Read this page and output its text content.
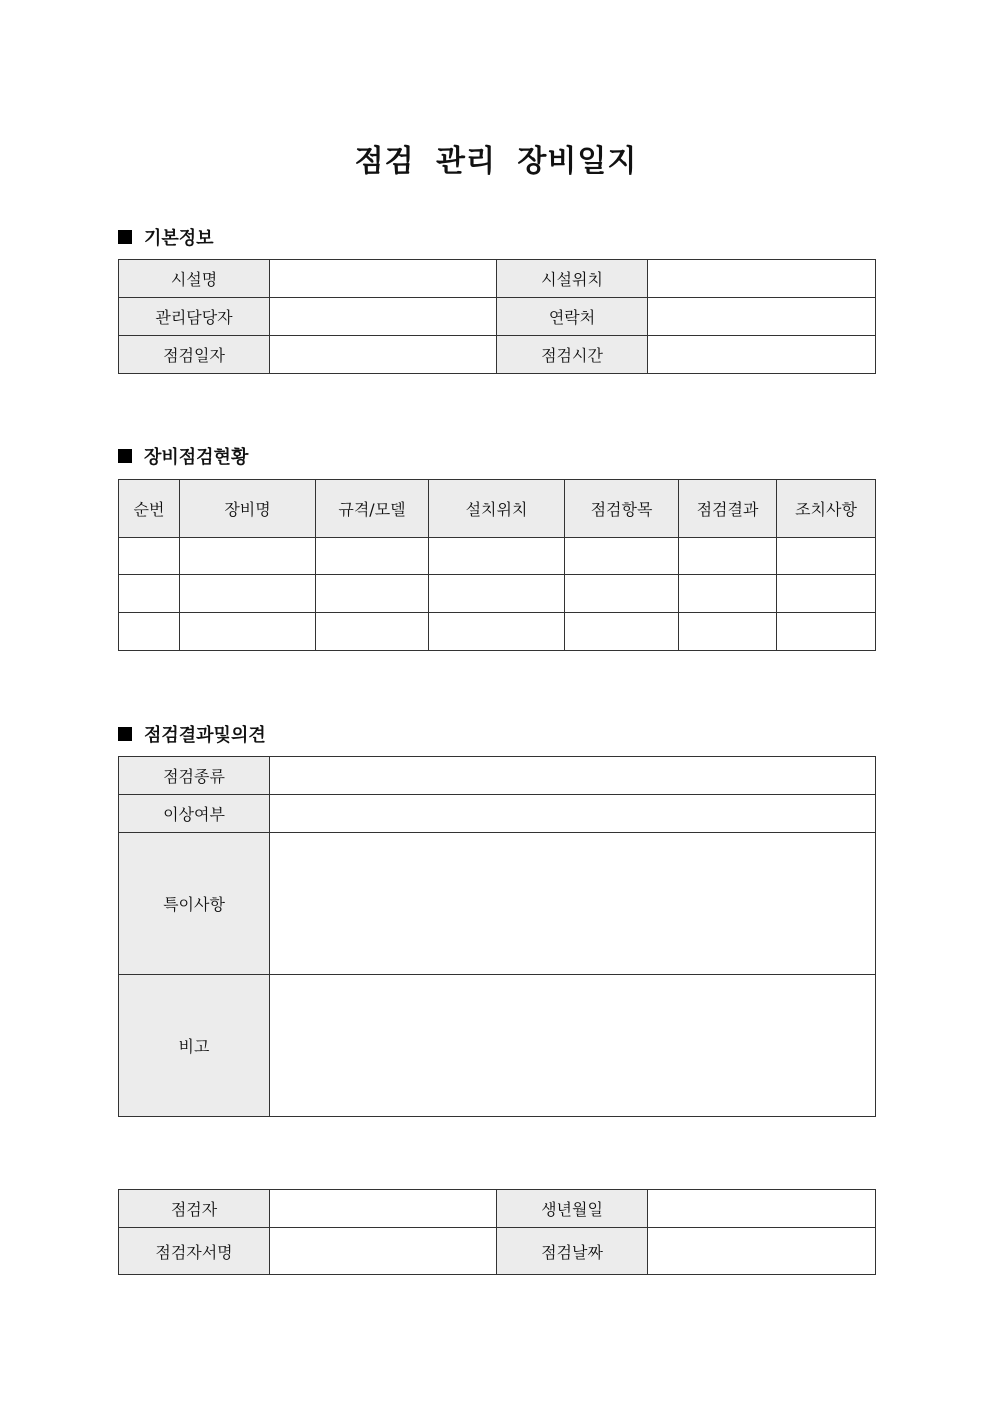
점검 관리 장비일지
기본정보
시설명		시설위치	
관리담당자		연락처	
점검일자		점검시간	
장비점검현황
순번	장비명	규격/모델	설치위치	점검항목	점검결과	조치사항

점검결과및의견
점검종류	
이상여부	
특이사항	
비고	
점검자		생년월일	
점검자서명		점검날짜	
